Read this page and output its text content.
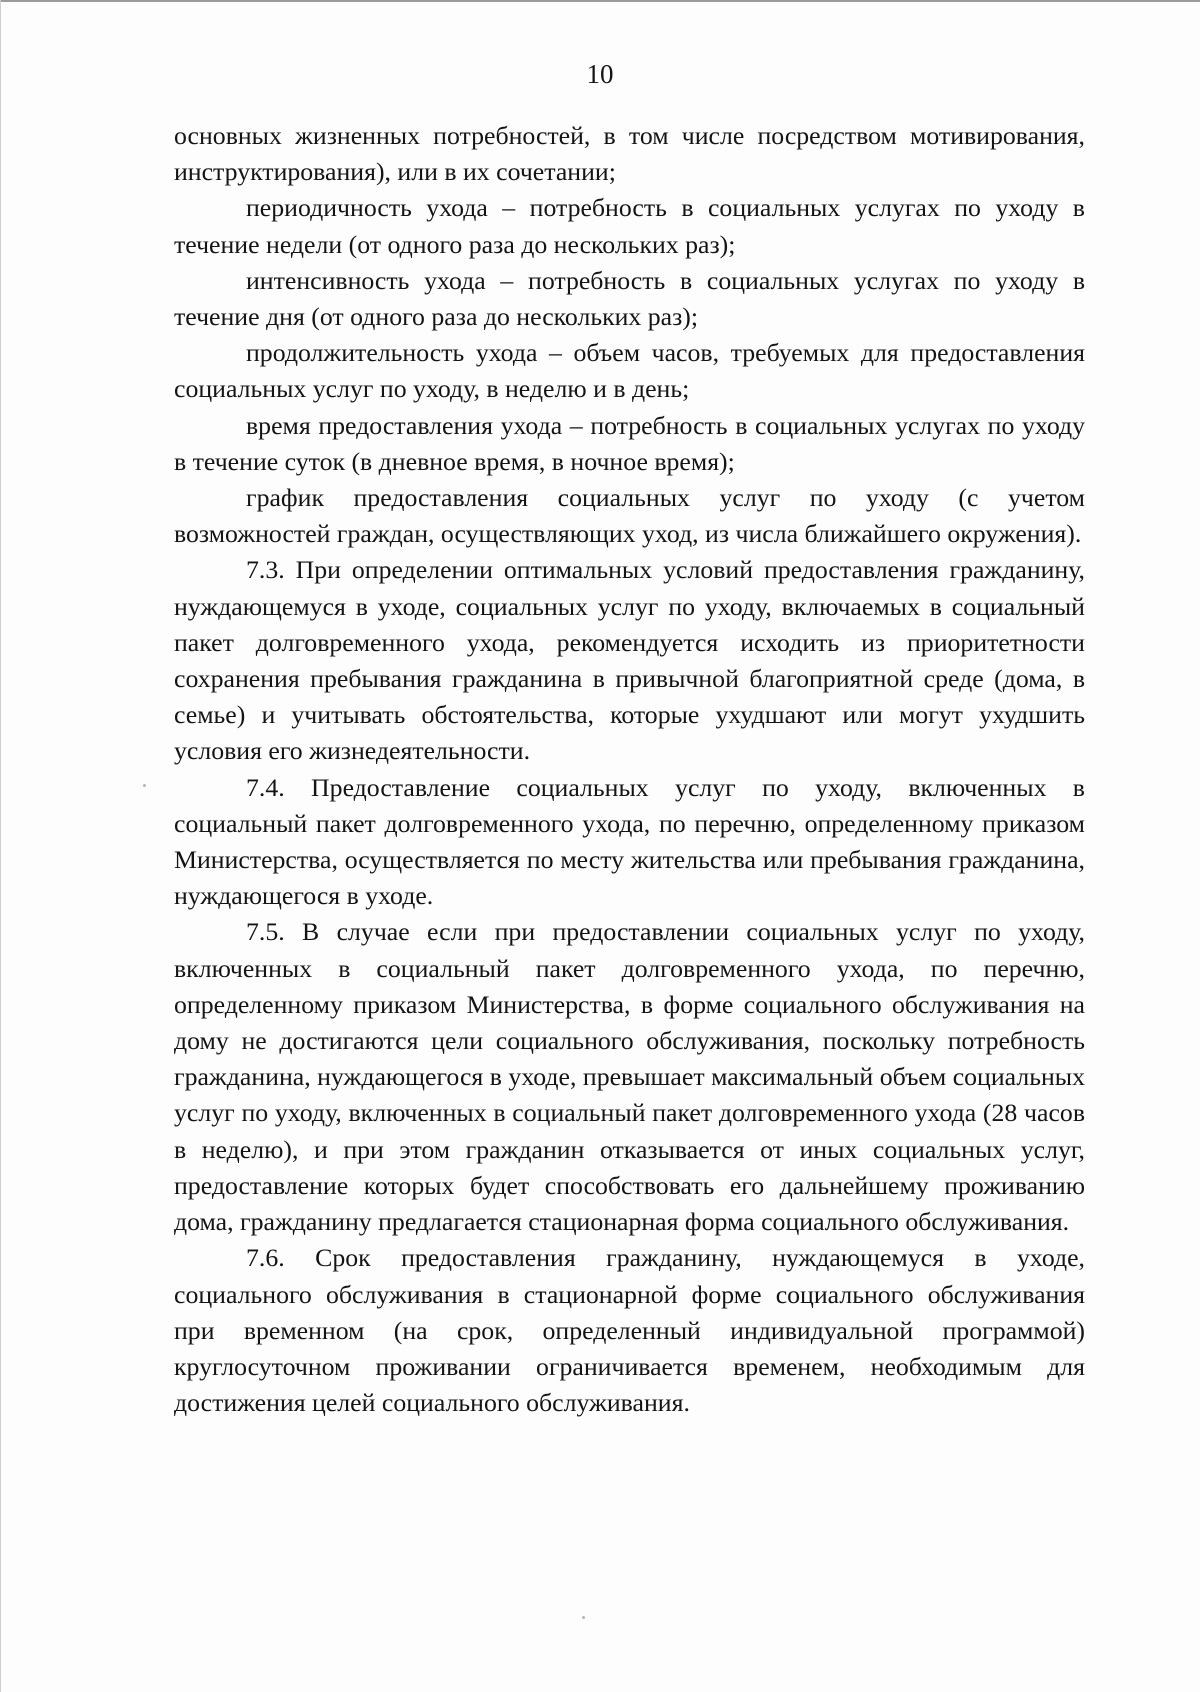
10

основных жизненных потребностей, в том числе посредством мотивирования, инструктирования), или в их сочетании;

периодичность ухода – потребность в социальных услугах по уходу в течение недели (от одного раза до нескольких раз);

интенсивность ухода – потребность в социальных услугах по уходу в течение дня (от одного раза до нескольких раз);

продолжительность ухода – объем часов, требуемых для предоставления социальных услуг по уходу, в неделю и в день;

время предоставления ухода – потребность в социальных услугах по уходу в течение суток (в дневное время, в ночное время);

график предоставления социальных услуг по уходу (с учетом возможностей граждан, осуществляющих уход, из числа ближайшего окружения).

7.3. При определении оптимальных условий предоставления гражданину, нуждающемуся в уходе, социальных услуг по уходу, включаемых в социальный пакет долговременного ухода, рекомендуется исходить из приоритетности сохранения пребывания гражданина в привычной благоприятной среде (дома, в семье) и учитывать обстоятельства, которые ухудшают или могут ухудшить условия его жизнедеятельности.

7.4. Предоставление социальных услуг по уходу, включенных в социальный пакет долговременного ухода, по перечню, определенному приказом Министерства, осуществляется по месту жительства или пребывания гражданина, нуждающегося в уходе.

7.5. В случае если при предоставлении социальных услуг по уходу, включенных в социальный пакет долговременного ухода, по перечню, определенному приказом Министерства, в форме социального обслуживания на дому не достигаются цели социального обслуживания, поскольку потребность гражданина, нуждающегося в уходе, превышает максимальный объем социальных услуг по уходу, включенных в социальный пакет долговременного ухода (28 часов в неделю), и при этом гражданин отказывается от иных социальных услуг, предоставление которых будет способствовать его дальнейшему проживанию дома, гражданину предлагается стационарная форма социального обслуживания.

7.6. Срок предоставления гражданину, нуждающемуся в уходе, социального обслуживания в стационарной форме социального обслуживания при временном (на срок, определенный индивидуальной программой) круглосуточном проживании ограничивается временем, необходимым для достижения целей социального обслуживания.
